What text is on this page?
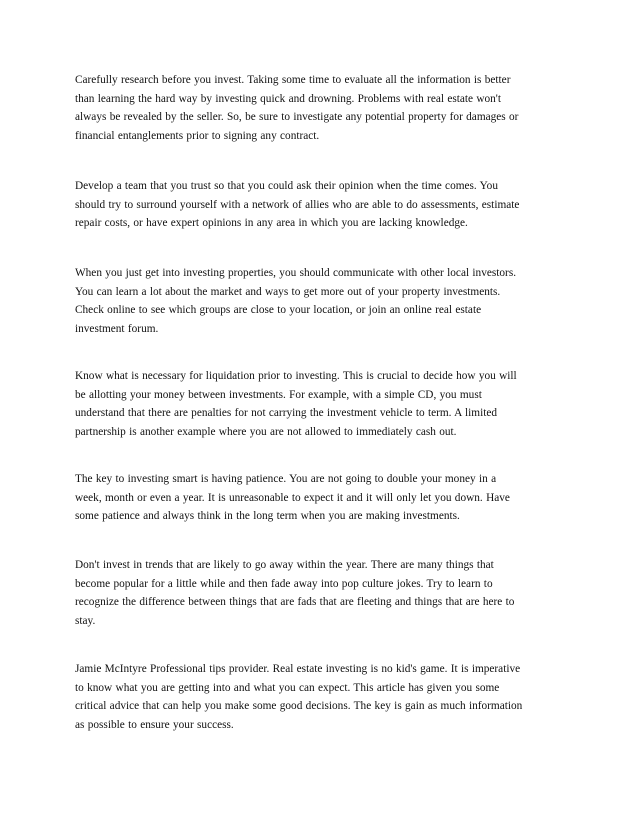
Carefully research before you invest. Taking some time to evaluate all the information is better
than learning the hard way by investing quick and drowning. Problems with real estate won't
always be revealed by the seller. So, be sure to investigate any potential property for damages or
financial entanglements prior to signing any contract.
Develop a team that you trust so that you could ask their opinion when the time comes. You
should try to surround yourself with a network of allies who are able to do assessments, estimate
repair costs, or have expert opinions in any area in which you are lacking knowledge.
When you just get into investing properties, you should communicate with other local investors.
You can learn a lot about the market and ways to get more out of your property investments.
Check online to see which groups are close to your location, or join an online real estate
investment forum.
Know what is necessary for liquidation prior to investing. This is crucial to decide how you will
be allotting your money between investments. For example, with a simple CD, you must
understand that there are penalties for not carrying the investment vehicle to term. A limited
partnership is another example where you are not allowed to immediately cash out.
The key to investing smart is having patience. You are not going to double your money in a
week, month or even a year. It is unreasonable to expect it and it will only let you down. Have
some patience and always think in the long term when you are making investments.
Don't invest in trends that are likely to go away within the year. There are many things that
become popular for a little while and then fade away into pop culture jokes. Try to learn to
recognize the difference between things that are fads that are fleeting and things that are here to
stay.
Jamie McIntyre Professional tips provider. Real estate investing is no kid's game. It is imperative
to know what you are getting into and what you can expect. This article has given you some
critical advice that can help you make some good decisions. The key is gain as much information
as possible to ensure your success.
